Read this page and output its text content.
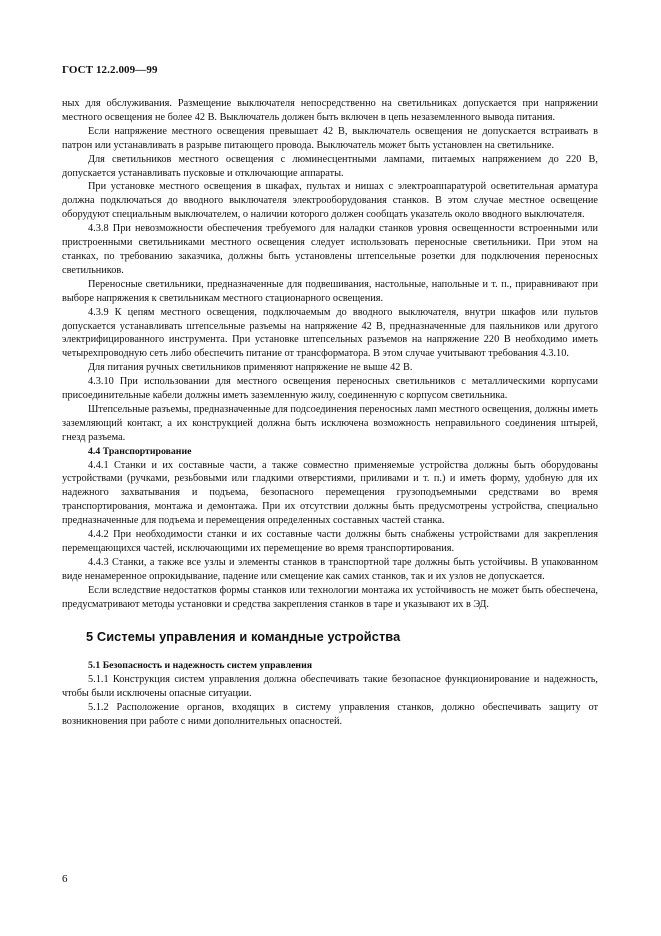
ГОСТ 12.2.009—99

ных для обслуживания. Размещение выключателя непосредственно на светильниках допускается при напряжении местного освещения не более 42 В. Выключатель должен быть включен в цепь незаземленного вывода питания.

Если напряжение местного освещения превышает 42 В, выключатель освещения не допускается встраивать в патрон или устанавливать в разрыве питающего провода. Выключатель может быть установлен на светильнике.

Для светильников местного освещения с люминесцентными лампами, питаемых напряжением до 220 В, допускается устанавливать пусковые и отключающие аппараты.

При установке местного освещения в шкафах, пультах и нишах с электроаппаратурой осветительная арматура должна подключаться до вводного выключателя электрооборудования станков. В этом случае местное освещение оборудуют специальным выключателем, о наличии которого должен сообщать указатель около вводного выключателя.

4.3.8 При невозможности обеспечения требуемого для наладки станков уровня освещенности встроенными или пристроенными светильниками местного освещения следует использовать переносные светильники. При этом на станках, по требованию заказчика, должны быть установлены штепсельные розетки для подключения переносных светильников.

Переносные светильники, предназначенные для подвешивания, настольные, напольные и т. п., приравнивают при выборе напряжения к светильникам местного стационарного освещения.

4.3.9 К цепям местного освещения, подключаемым до вводного выключателя, внутри шкафов или пультов допускается устанавливать штепсельные разъемы на напряжение 42 В, предназначенные для паяльников или другого электрифицированного инструмента. При установке штепсельных разъемов на напряжение 220 В необходимо иметь четырехпроводную сеть либо обеспечить питание от трансформатора. В этом случае учитывают требования 4.3.10.

Для питания ручных светильников применяют напряжение не выше 42 В.

4.3.10 При использовании для местного освещения переносных светильников с металлическими корпусами присоединительные кабели должны иметь заземленную жилу, соединенную с корпусом светильника.

Штепсельные разъемы, предназначенные для подсоединения переносных ламп местного освещения, должны иметь заземляющий контакт, а их конструкцией должна быть исключена возможность неправильного соединения штырей, гнезд разъема.

4.4 Транспортирование

4.4.1 Станки и их составные части, а также совместно применяемые устройства должны быть оборудованы устройствами (ручками, резьбовыми или гладкими отверстиями, приливами и т. п.) и иметь форму, удобную для их надежного захватывания и подъема, безопасного перемещения грузоподъемными средствами во время транспортирования, монтажа и демонтажа. При их отсутствии должны быть предусмотрены устройства, специально предназначенные для подъема и перемещения определенных составных частей станка.

4.4.2 При необходимости станки и их составные части должны быть снабжены устройствами для закрепления перемещающихся частей, исключающими их перемещение во время транспортирования.

4.4.3 Станки, а также все узлы и элементы станков в транспортной таре должны быть устойчивы. В упакованном виде ненамеренное опрокидывание, падение или смещение как самих станков, так и их узлов не допускается.

Если вследствие недостатков формы станков или технологии монтажа их устойчивость не может быть обеспечена, предусматривают методы установки и средства закрепления станков в таре и указывают их в ЭД.

5 Системы управления и командные устройства
5.1 Безопасность и надежность систем управления

5.1.1 Конструкция систем управления должна обеспечивать такие безопасное функционирование и надежность, чтобы были исключены опасные ситуации.

5.1.2 Расположение органов, входящих в систему управления станков, должно обеспечивать защиту от возникновения при работе с ними дополнительных опасностей.

6
